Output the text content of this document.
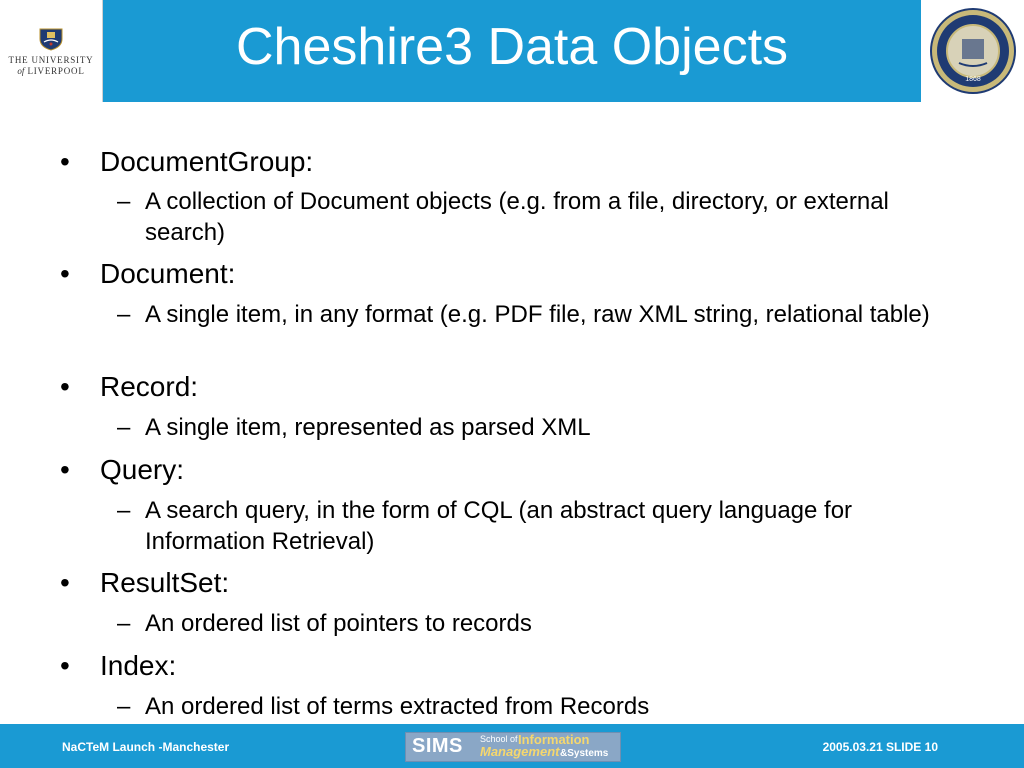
THE UNIVERSITY
of LIVERPOOL	Cheshire3 Data Objects
1868
• DocumentGroup:
– A collection of Document objects (e.g. from a file, directory, or external search)
• Document:
– A single item, in any format (e.g. PDF file, raw XML string, relational table)
• Record:
– A single item, represented as parsed XML
• Query:
– A search query, in the form of CQL (an abstract query language for Information Retrieval)
• ResultSet:
– An ordered list of pointers to records
• Index:
– An ordered list of terms extracted from Records
NaCTeM Launch -Manchester	SIMS School of Information
Management &Systems	2005.03.21 SLIDE 10
